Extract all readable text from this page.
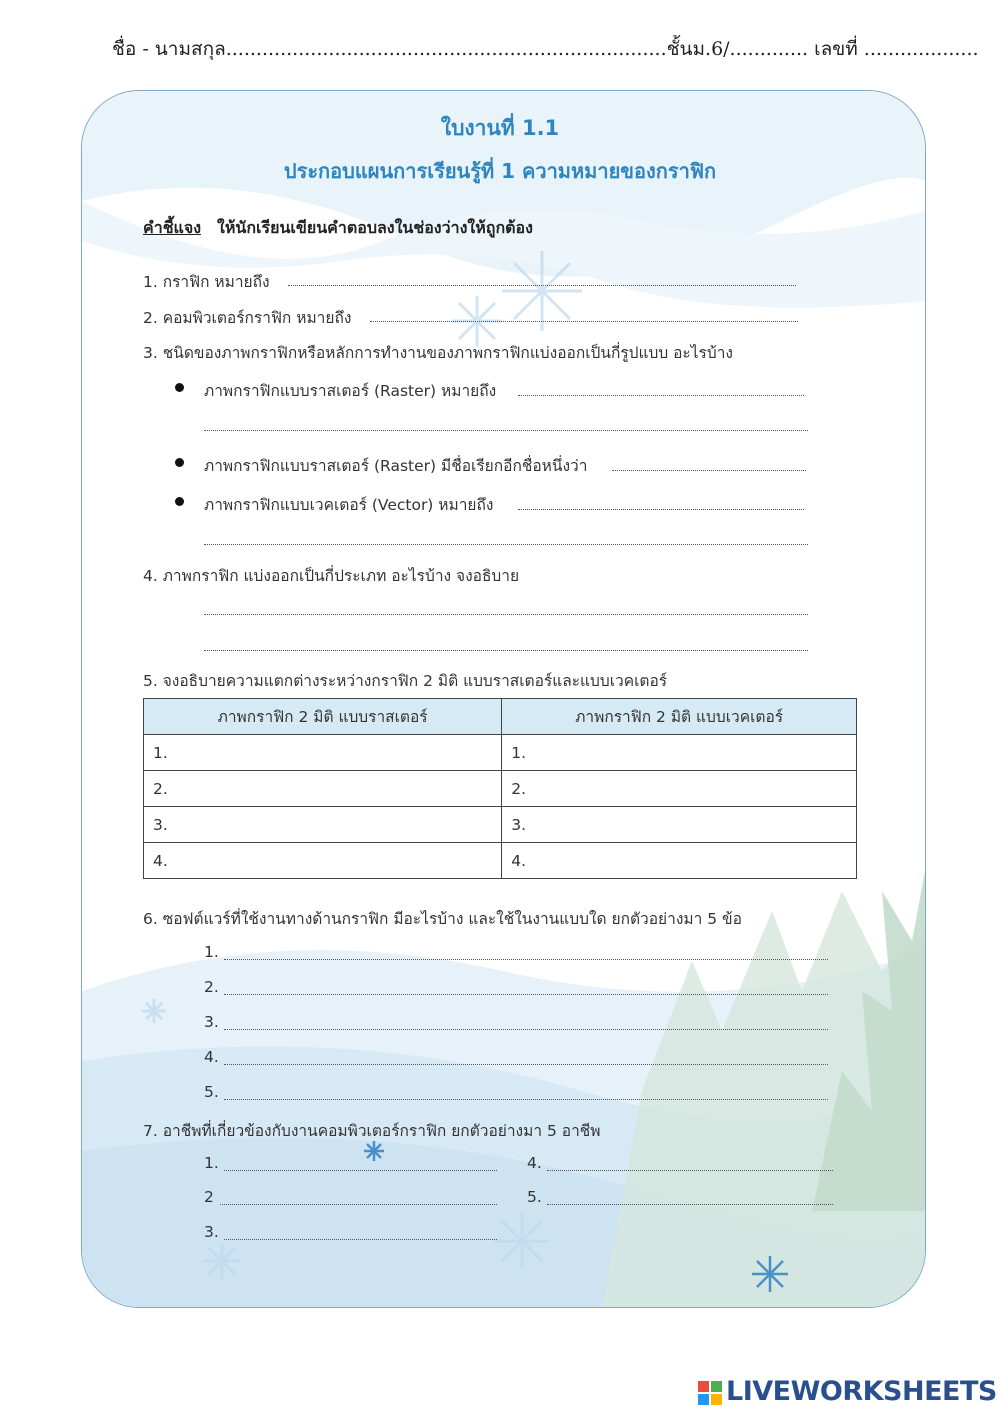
ชื่อ - นามสกุล.........................................................................ชั้นม.6/............. เลขที่ ...................
ใบงานที่ 1.1
ประกอบแผนการเรียนรู้ที่ 1 ความหมายของกราฟิก
คำชี้แจง ให้นักเรียนเขียนคำตอบลงในช่องว่างให้ถูกต้อง
1. กราฟิก หมายถึง
2. คอมพิวเตอร์กราฟิก หมายถึง
3. ชนิดของภาพกราฟิกหรือหลักการทำงานของภาพกราฟิกแบ่งออกเป็นกี่รูปแบบ อะไรบ้าง
ภาพกราฟิกแบบราสเตอร์ (Raster) หมายถึง
ภาพกราฟิกแบบราสเตอร์ (Raster) มีชื่อเรียกอีกชื่อหนึ่งว่า
ภาพกราฟิกแบบเวคเตอร์ (Vector) หมายถึง
4. ภาพกราฟิก แบ่งออกเป็นกี่ประเภท อะไรบ้าง จงอธิบาย
5. จงอธิบายความแตกต่างระหว่างกราฟิก 2 มิติ แบบราสเตอร์และแบบเวคเตอร์
ภาพกราฟิก 2 มิติ แบบราสเตอร์	ภาพกราฟิก 2 มิติ แบบเวคเตอร์
1.	1.
2.	2.
3.	3.
4.	4.
6. ซอฟต์แวร์ที่ใช้งานทางด้านกราฟิก มีอะไรบ้าง และใช้ในงานแบบใด ยกตัวอย่างมา 5 ข้อ
1.
2.
3.
4.
5.
7. อาชีพที่เกี่ยวข้องกับงานคอมพิวเตอร์กราฟิก ยกตัวอย่างมา 5 อาชีพ
1.	4.
2	5.
3.
LIVEWORKSHEETS
